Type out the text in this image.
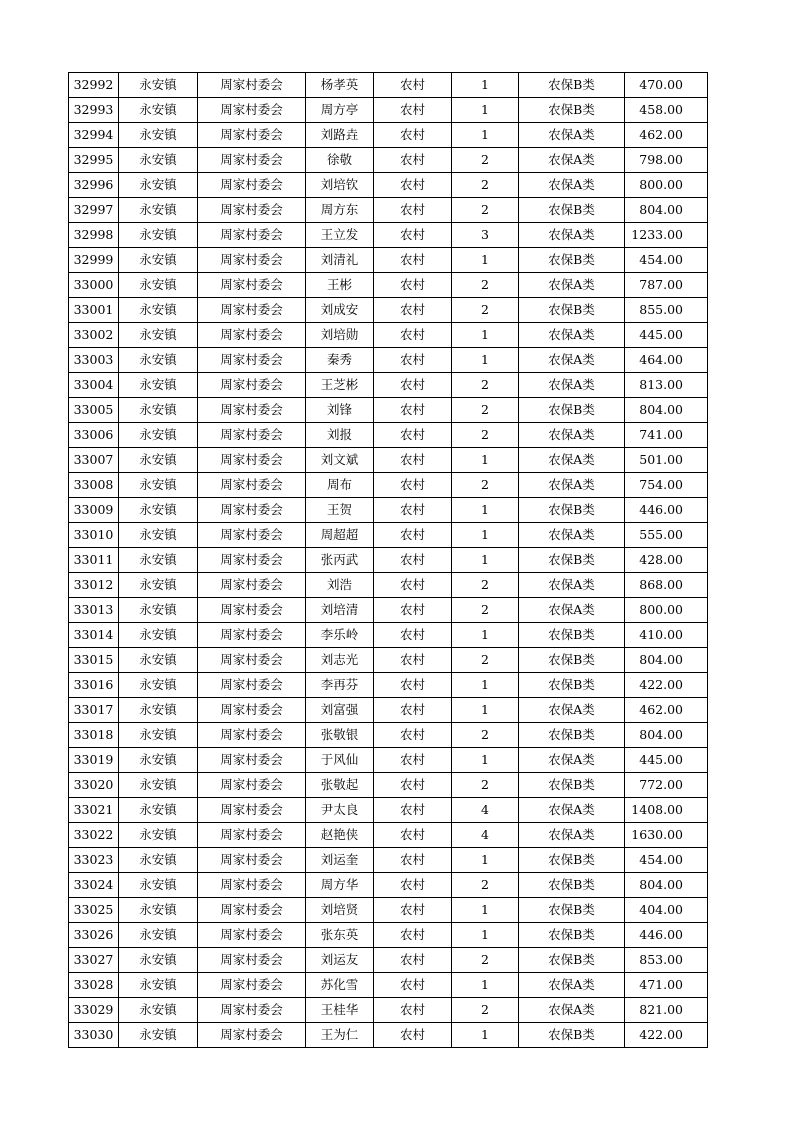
32992	永安镇	周家村委会	杨孝英	农村	1	农保B类	470.00
32993	永安镇	周家村委会	周方亭	农村	1	农保B类	458.00
32994	永安镇	周家村委会	刘路垚	农村	1	农保A类	462.00
32995	永安镇	周家村委会	徐敬	农村	2	农保A类	798.00
32996	永安镇	周家村委会	刘培钦	农村	2	农保A类	800.00
32997	永安镇	周家村委会	周方东	农村	2	农保B类	804.00
32998	永安镇	周家村委会	王立发	农村	3	农保A类	1233.00
32999	永安镇	周家村委会	刘清礼	农村	1	农保B类	454.00
33000	永安镇	周家村委会	王彬	农村	2	农保A类	787.00
33001	永安镇	周家村委会	刘成安	农村	2	农保B类	855.00
33002	永安镇	周家村委会	刘培勋	农村	1	农保A类	445.00
33003	永安镇	周家村委会	秦秀	农村	1	农保A类	464.00
33004	永安镇	周家村委会	王芝彬	农村	2	农保A类	813.00
33005	永安镇	周家村委会	刘锋	农村	2	农保B类	804.00
33006	永安镇	周家村委会	刘报	农村	2	农保A类	741.00
33007	永安镇	周家村委会	刘文斌	农村	1	农保A类	501.00
33008	永安镇	周家村委会	周布	农村	2	农保A类	754.00
33009	永安镇	周家村委会	王贺	农村	1	农保B类	446.00
33010	永安镇	周家村委会	周超超	农村	1	农保A类	555.00
33011	永安镇	周家村委会	张丙武	农村	1	农保B类	428.00
33012	永安镇	周家村委会	刘浩	农村	2	农保A类	868.00
33013	永安镇	周家村委会	刘培清	农村	2	农保A类	800.00
33014	永安镇	周家村委会	李乐岭	农村	1	农保B类	410.00
33015	永安镇	周家村委会	刘志光	农村	2	农保B类	804.00
33016	永安镇	周家村委会	李再芬	农村	1	农保B类	422.00
33017	永安镇	周家村委会	刘富强	农村	1	农保A类	462.00
33018	永安镇	周家村委会	张敬银	农村	2	农保B类	804.00
33019	永安镇	周家村委会	于风仙	农村	1	农保A类	445.00
33020	永安镇	周家村委会	张敬起	农村	2	农保B类	772.00
33021	永安镇	周家村委会	尹太良	农村	4	农保A类	1408.00
33022	永安镇	周家村委会	赵艳侠	农村	4	农保A类	1630.00
33023	永安镇	周家村委会	刘运奎	农村	1	农保B类	454.00
33024	永安镇	周家村委会	周方华	农村	2	农保B类	804.00
33025	永安镇	周家村委会	刘培贤	农村	1	农保B类	404.00
33026	永安镇	周家村委会	张东英	农村	1	农保B类	446.00
33027	永安镇	周家村委会	刘运友	农村	2	农保B类	853.00
33028	永安镇	周家村委会	苏化雪	农村	1	农保A类	471.00
33029	永安镇	周家村委会	王桂华	农村	2	农保A类	821.00
33030	永安镇	周家村委会	王为仁	农村	1	农保B类	422.00
